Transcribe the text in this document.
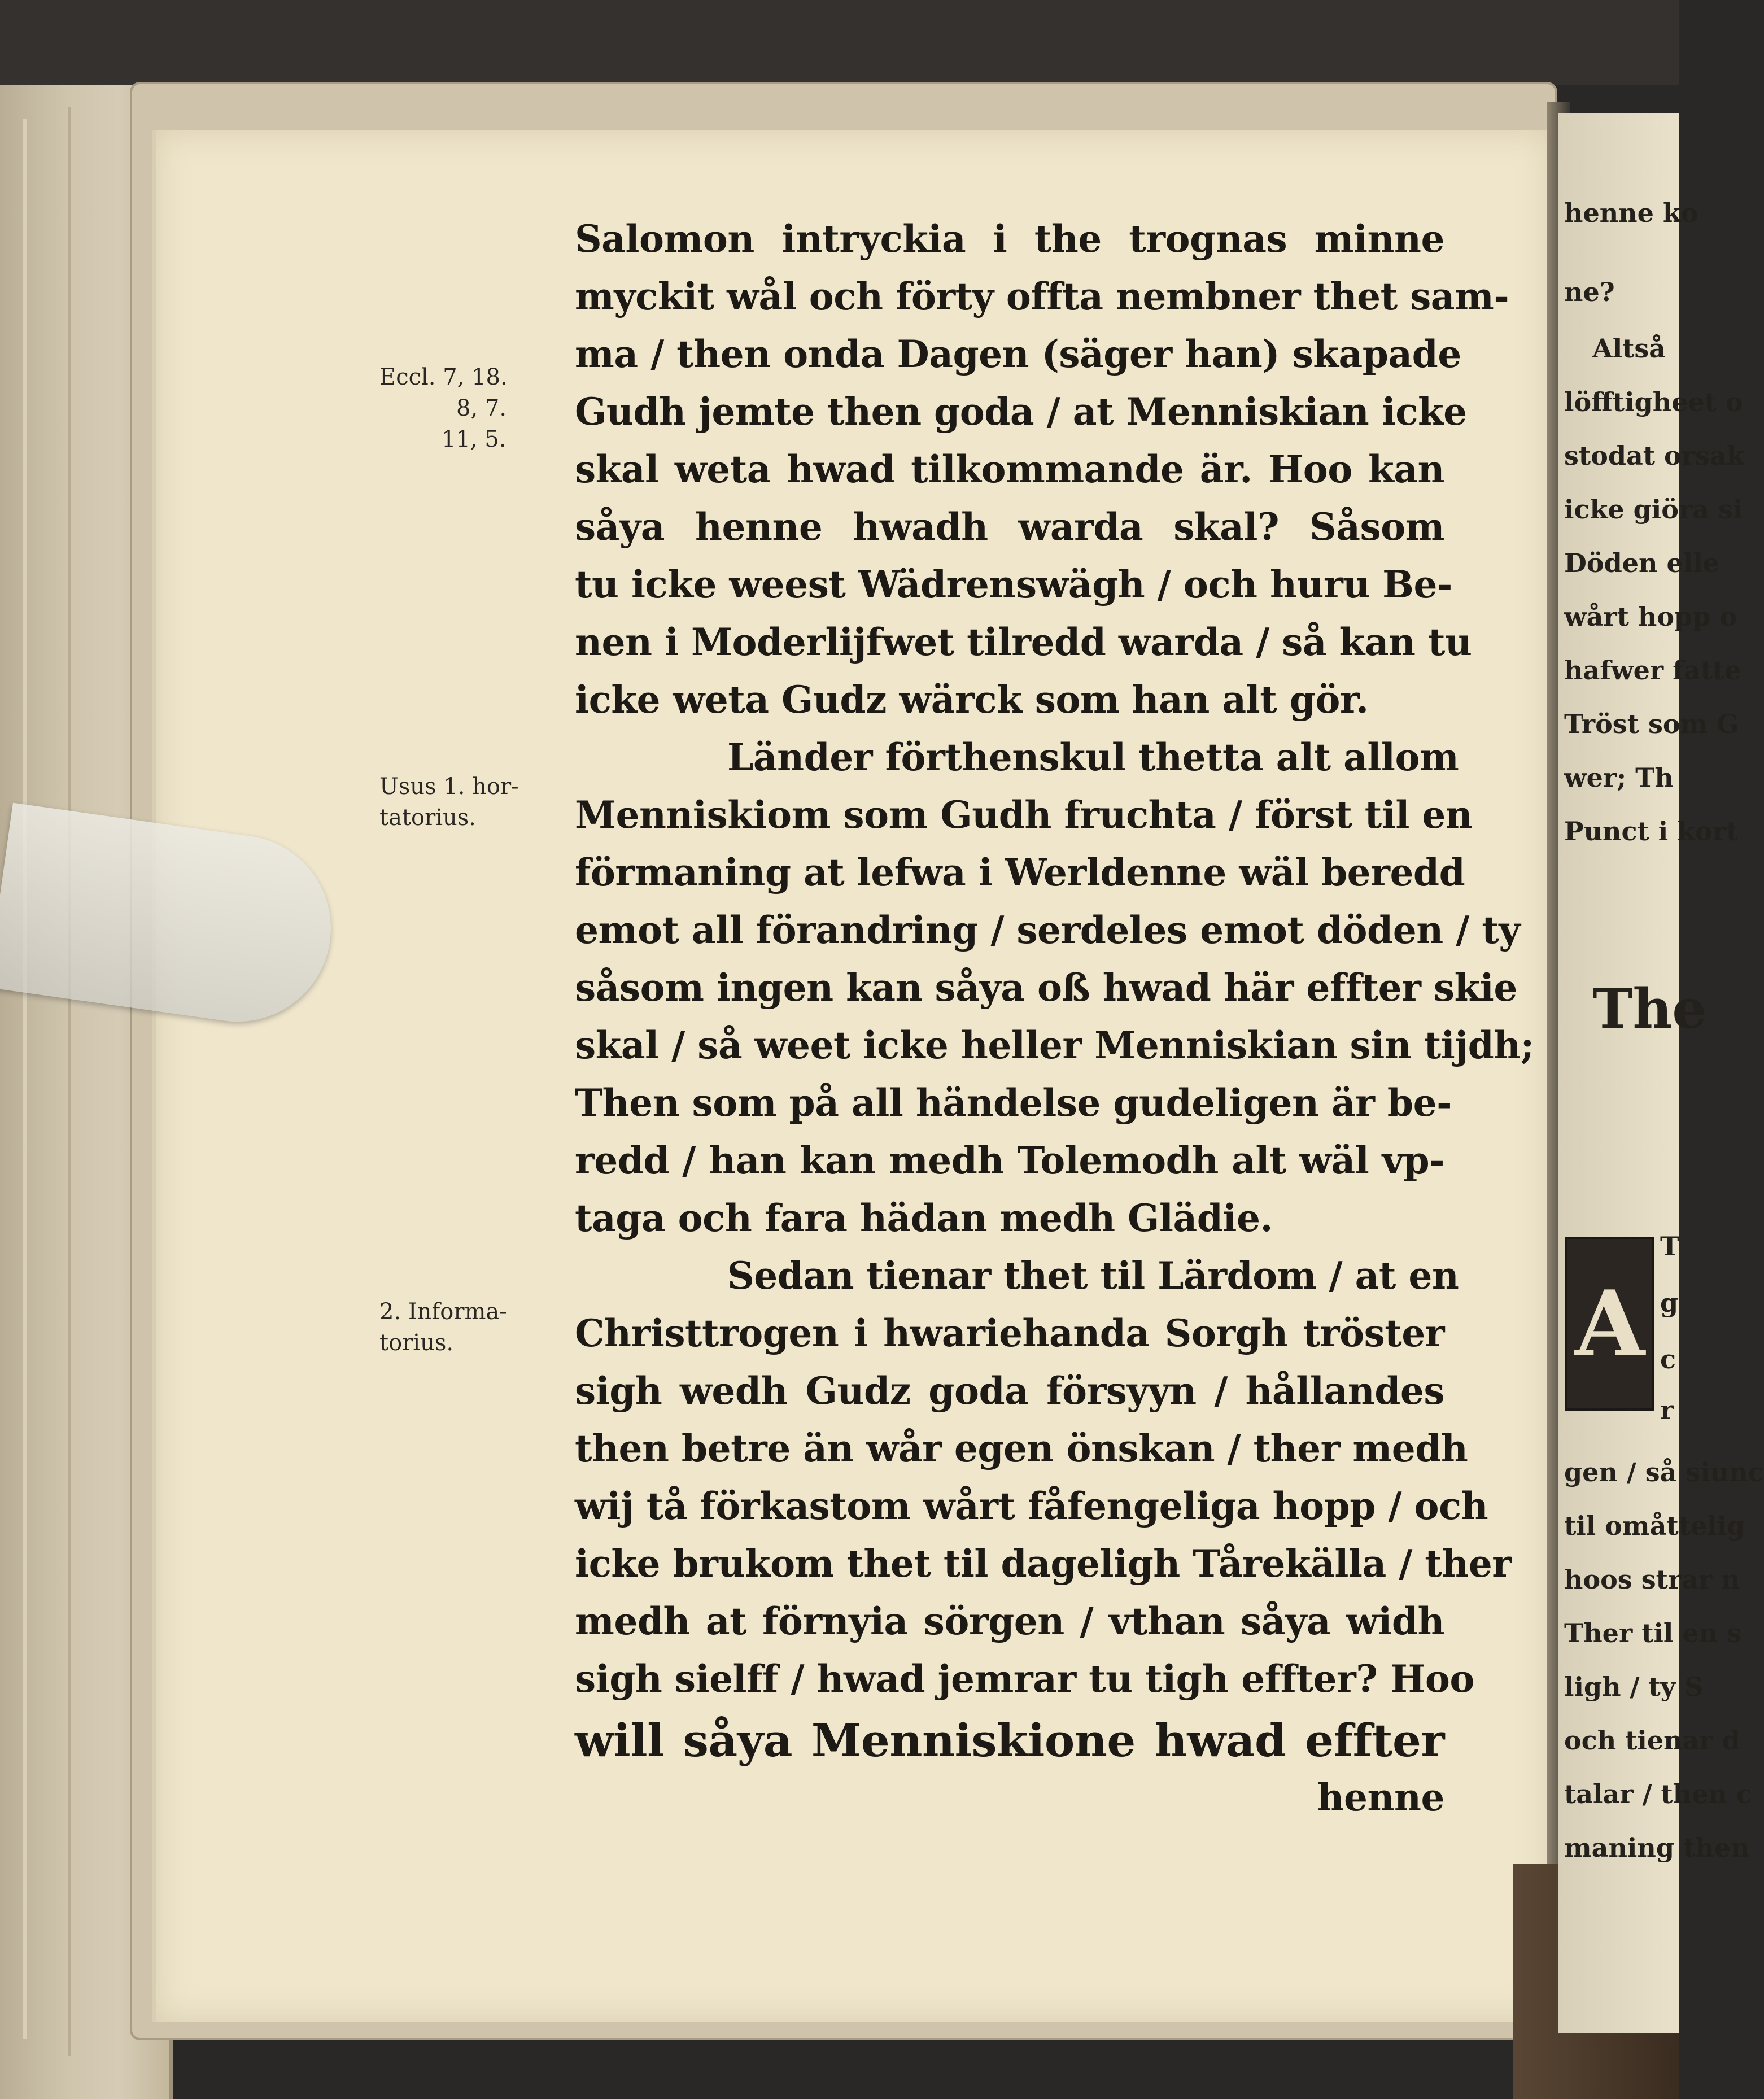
henne ko
ne?
Altså
löfftigheet o
stodat orsak
icke giöra si
Döden elle
wårt hopp o
hafwer fatte
Tröst som G
wer; Th
Punct i kort
The
A
T
g
c
r
gen / så siunc
til omåttelig
hoos strar n
Ther til en s
ligh / ty S
och tienar d
talar / then c
maning then
Eccl. 7, 18.
8, 7.
11, 5.
Usus 1. hor-
tatorius.
2. Informa-
torius.

Salomon intryckia i the trognas minne

myckit wål och förty offta nembner thet sam-

ma / then onda Dagen (säger han) skapade

Gudh jemte then goda / at Menniskian icke

skal weta hwad tilkommande är. Hoo kan

såya henne hwadh warda skal? Såsom

tu icke weest Wädrenswägh / och huru Be-

nen i Moderlijfwet tilredd warda / så kan tu

icke weta Gudz wärck som han alt gör.

Länder förthenskul thetta alt allom

Menniskiom som Gudh fruchta / först til en

förmaning at lefwa i Werldenne wäl beredd

emot all förandring / serdeles emot döden / ty

såsom ingen kan såya oß hwad här effter skie

skal / så weet icke heller Menniskian sin tijdh;

Then som på all händelse gudeligen är be-

redd / han kan medh Tolemodh alt wäl vp-

taga och fara hädan medh Glädie.

Sedan tienar thet til Lärdom / at en

Christtrogen i hwariehanda Sorgh tröster

sigh wedh Gudz goda försyyn / hållandes

then betre än wår egen önskan / ther medh

wij tå förkastom wårt fåfengeliga hopp / och

icke brukom thet til dageligh Tårekälla / ther

medh at förnyia sörgen / vthan såya widh

sigh sielff / hwad jemrar tu tigh effter? Hoo

will såya Menniskione hwad effter

henne
